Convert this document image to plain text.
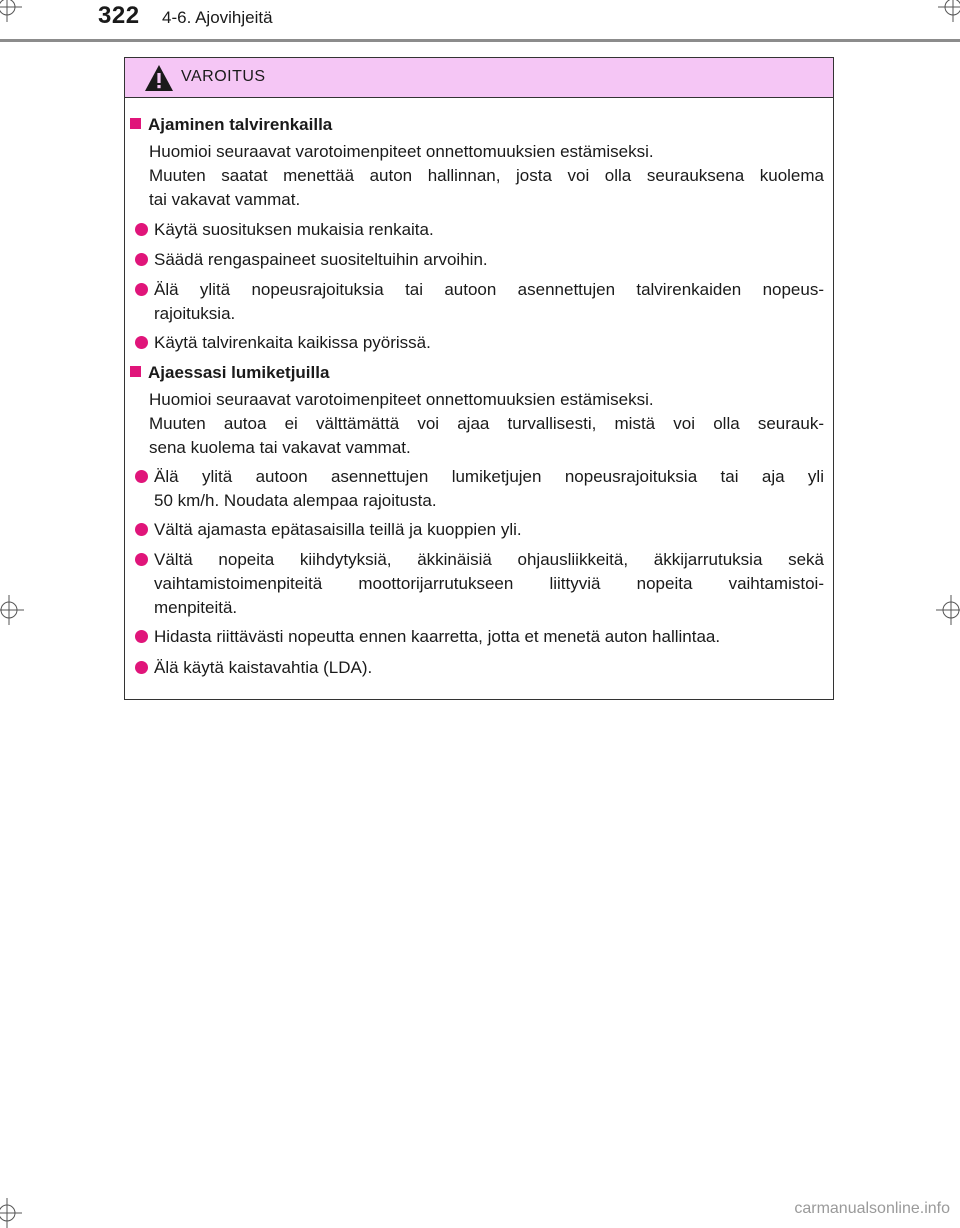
322 4-6. Ajovihjeitä
VAROITUS
Ajaminen talvirenkailla
Huomioi seuraavat varotoimenpiteet onnettomuuksien estämiseksi.
Muuten saatat menettää auton hallinnan, josta voi olla seurauksena kuolema
tai vakavat vammat.
Käytä suosituksen mukaisia renkaita.
Säädä rengaspaineet suositeltuihin arvoihin.
Älä ylitä nopeusrajoituksia tai autoon asennettujen talvirenkaiden nopeus-
rajoituksia.
Käytä talvirenkaita kaikissa pyörissä.
Ajaessasi lumiketjuilla
Huomioi seuraavat varotoimenpiteet onnettomuuksien estämiseksi.
Muuten autoa ei välttämättä voi ajaa turvallisesti, mistä voi olla seurauk-
sena kuolema tai vakavat vammat.
Älä ylitä autoon asennettujen lumiketjujen nopeusrajoituksia tai aja yli
50 km/h. Noudata alempaa rajoitusta.
Vältä ajamasta epätasaisilla teillä ja kuoppien yli.
Vältä nopeita kiihdytyksiä, äkkinäisiä ohjausliikkeitä, äkkijarrutuksia sekä
vaihtamistoimenpiteitä moottorijarrutukseen liittyviä nopeita vaihtamistoi-
menpiteitä.
Hidasta riittävästi nopeutta ennen kaarretta, jotta et menetä auton hallintaa.
Älä käytä kaistavahtia (LDA).
carmanualsonline.info
